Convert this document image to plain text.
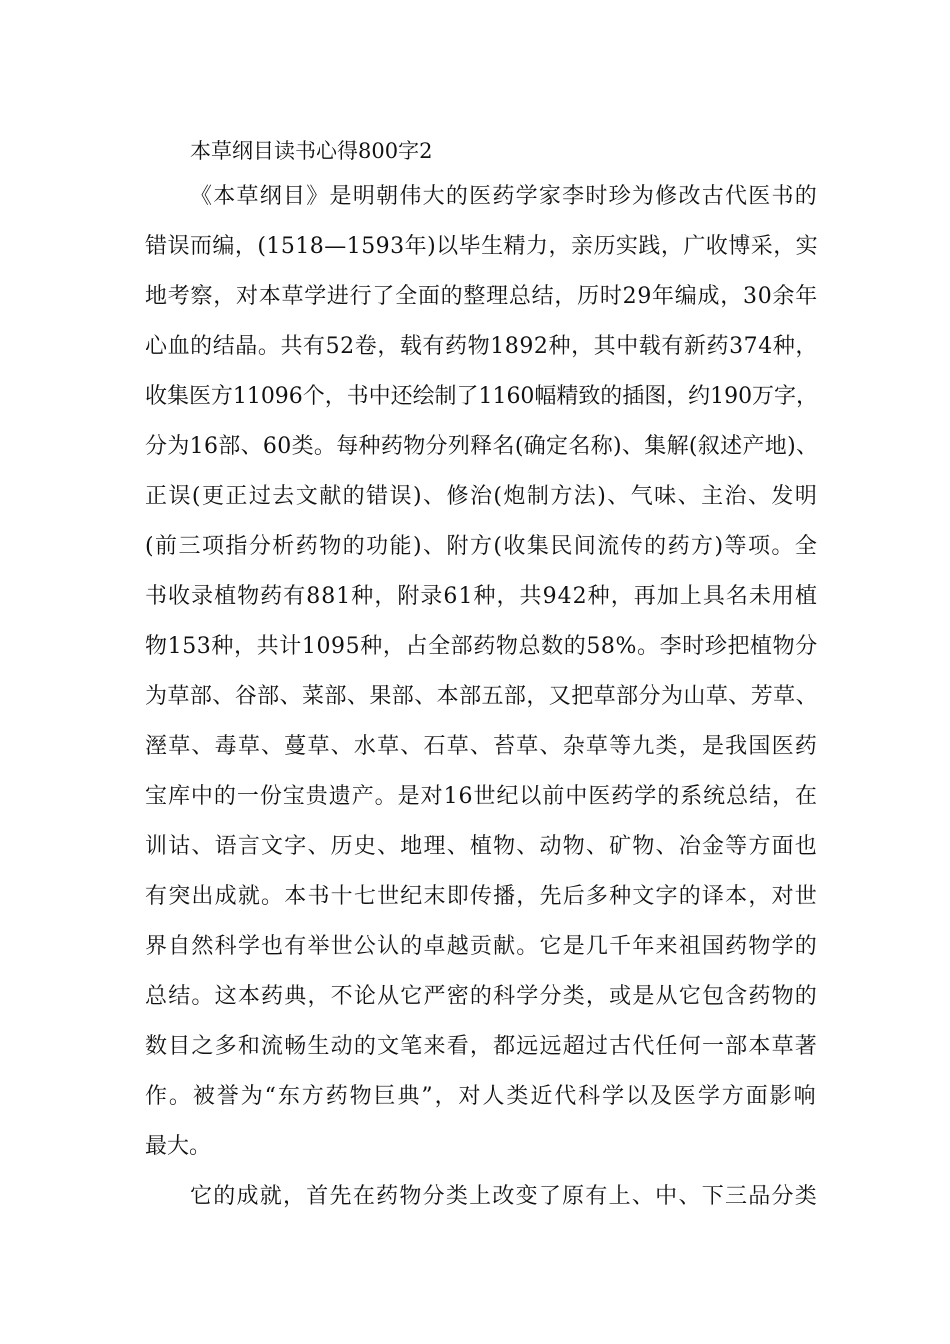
本草纲目读书心得800字2

《本草纲目》是明朝伟大的医药学家李时珍为修改古代医书的

错误而编，(1518—1593年)以毕生精力，亲历实践，广收博采，实

地考察，对本草学进行了全面的整理总结，历时29年编成，30余年

心血的结晶。共有52卷，载有药物1892种，其中载有新药374种，

收集医方11096个，书中还绘制了1160幅精致的插图，约190万字，

分为16部、60类。每种药物分列释名(确定名称)、集解(叙述产地)、

正误(更正过去文献的错误)、修治(炮制方法)、气味、主治、发明

(前三项指分析药物的功能)、附方(收集民间流传的药方)等项。全

书收录植物药有881种，附录61种，共942种，再加上具名未用植

物153种，共计1095种，占全部药物总数的58%。李时珍把植物分

为草部、谷部、菜部、果部、本部五部，又把草部分为山草、芳草、

溼草、毒草、蔓草、水草、石草、苔草、杂草等九类，是我国医药

宝库中的一份宝贵遗产。是对16世纪以前中医药学的系统总结，在

训诂、语言文字、历史、地理、植物、动物、矿物、冶金等方面也

有突出成就。本书十七世纪末即传播，先后多种文字的译本，对世

界自然科学也有举世公认的卓越贡献。它是几千年来祖国药物学的

总结。这本药典，不论从它严密的科学分类，或是从它包含药物的

数目之多和流畅生动的文笔来看，都远远超过古代任何一部本草著

作。被誉为“东方药物巨典”，对人类近代科学以及医学方面影响

最大。

它的成就，首先在药物分类上改变了原有上、中、下三品分类
